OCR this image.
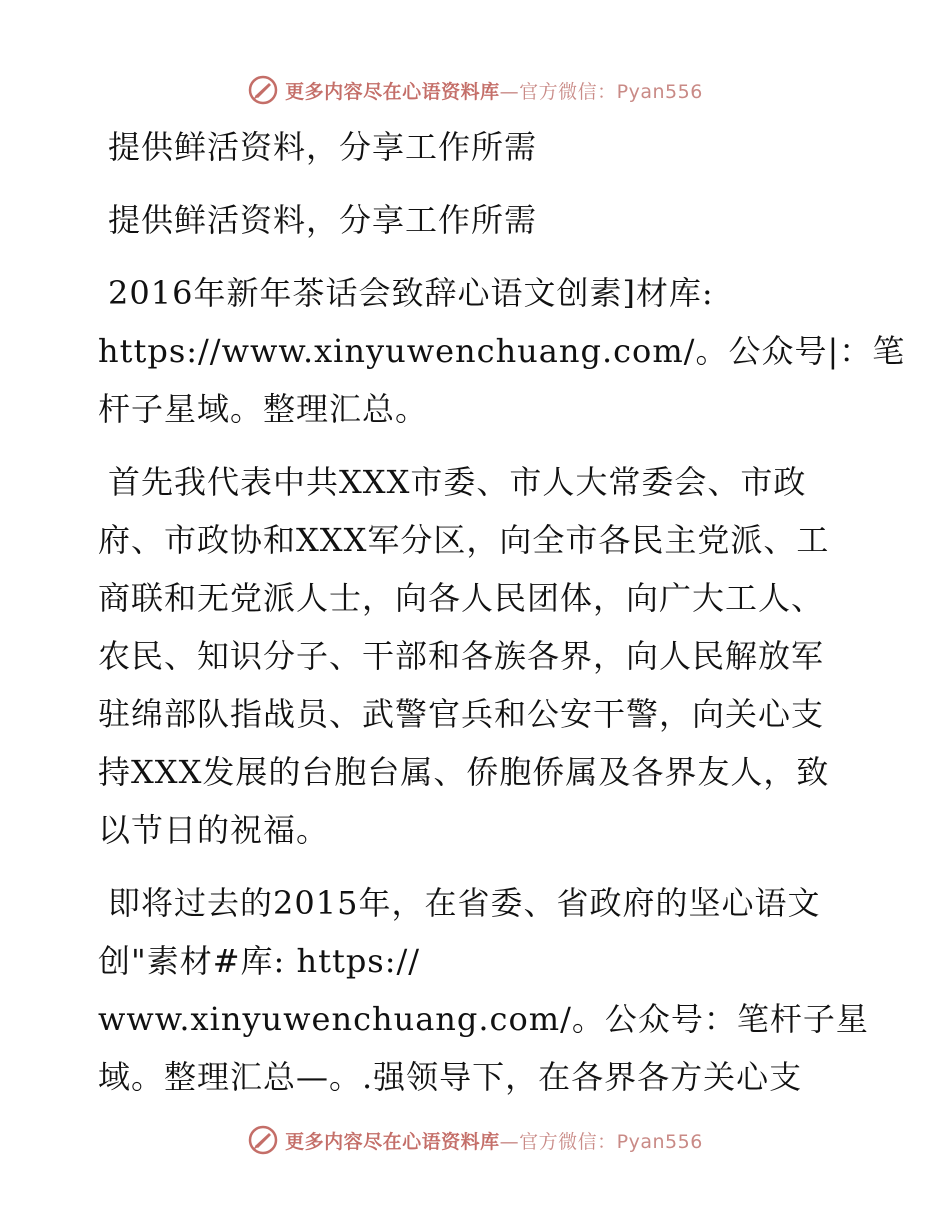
更多内容尽在心语资料库—官方微信：Pyan556
提供鲜活资料，分享工作所需
提供鲜活资料，分享工作所需
2016年新年茶话会致辞心语文创素]材库:
https://www.xinyuwenchuang.com/。公众号|：笔
杆子星域。整理汇总。
首先我代表中共XXX市委、市人大常委会、市政
府、市政协和XXX军分区，向全市各民主党派、工
商联和无党派人士，向各人民团体，向广大工人、
农民、知识分子、干部和各族各界，向人民解放军
驻绵部队指战员、武警官兵和公安干警，向关心支
持XXX发展的台胞台属、侨胞侨属及各界友人，致
以节日的祝福。
即将过去的2015年，在省委、省政府的坚心语文
创"素材#库: https://
www.xinyuwenchuang.com/。公众号：笔杆子星
域。整理汇总—。.强领导下，在各界各方关心支
更多内容尽在心语资料库—官方微信：Pyan556
